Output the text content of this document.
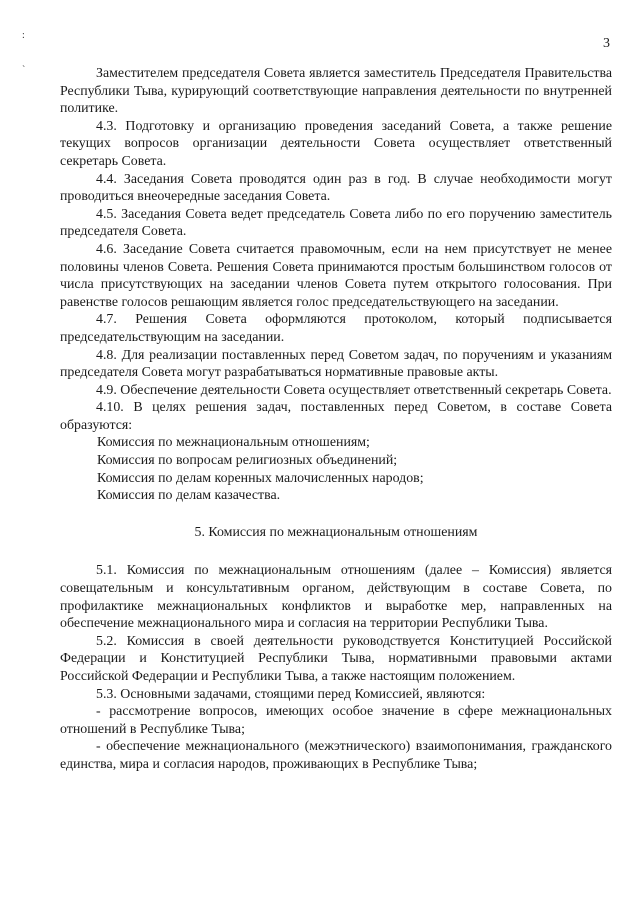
:
`
3

Заместителем председателя Совета является заместитель Председателя Правительства Республики Тыва, курирующий соответствующие направления деятельности по внутренней политике.

4.3. Подготовку и организацию проведения заседаний Совета, а также решение текущих вопросов организации деятельности Совета осуществляет ответственный секретарь Совета.

4.4. Заседания Совета проводятся один раз в год. В случае необходимости могут проводиться внеочередные заседания Совета.

4.5. Заседания Совета ведет председатель Совета либо по его поручению заместитель председателя Совета.

4.6. Заседание Совета считается правомочным, если на нем присутствует не менее половины членов Совета. Решения Совета принимаются простым большинством голосов от числа присутствующих на заседании членов Совета путем открытого голосования. При равенстве голосов решающим является голос председательствующего на заседании.

4.7. Решения Совета оформляются протоколом, который подписывается председательствующим на заседании.

4.8. Для реализации поставленных перед Советом задач, по поручениям и указаниям председателя Совета могут разрабатываться нормативные правовые акты.

4.9. Обеспечение деятельности Совета осуществляет ответственный секретарь Совета.

4.10. В целях решения задач, поставленных перед Советом, в составе Совета образуются:

Комиссия по межнациональным отношениям;
Комиссия по вопросам религиозных объединений;
Комиссия по делам коренных малочисленных народов;
Комиссия по делам казачества.
5. Комиссия по межнациональным отношениям

5.1. Комиссия по межнациональным отношениям (далее – Комиссия) является совещательным и консультативным органом, действующим в составе Совета, по профилактике межнациональных конфликтов и выработке мер, направленных на обеспечение межнационального мира и согласия на территории Республики Тыва.

5.2. Комиссия в своей деятельности руководствуется Конституцией Российской Федерации и Конституцией Республики Тыва, нормативными правовыми актами Российской Федерации и Республики Тыва, а также настоящим положением.

5.3. Основными задачами, стоящими перед Комиссией, являются:

- рассмотрение вопросов, имеющих особое значение в сфере межнациональных отношений в Республике Тыва;

- обеспечение межнационального (межэтнического) взаимопонимания, гражданского единства, мира и согласия народов, проживающих в Республике Тыва;
